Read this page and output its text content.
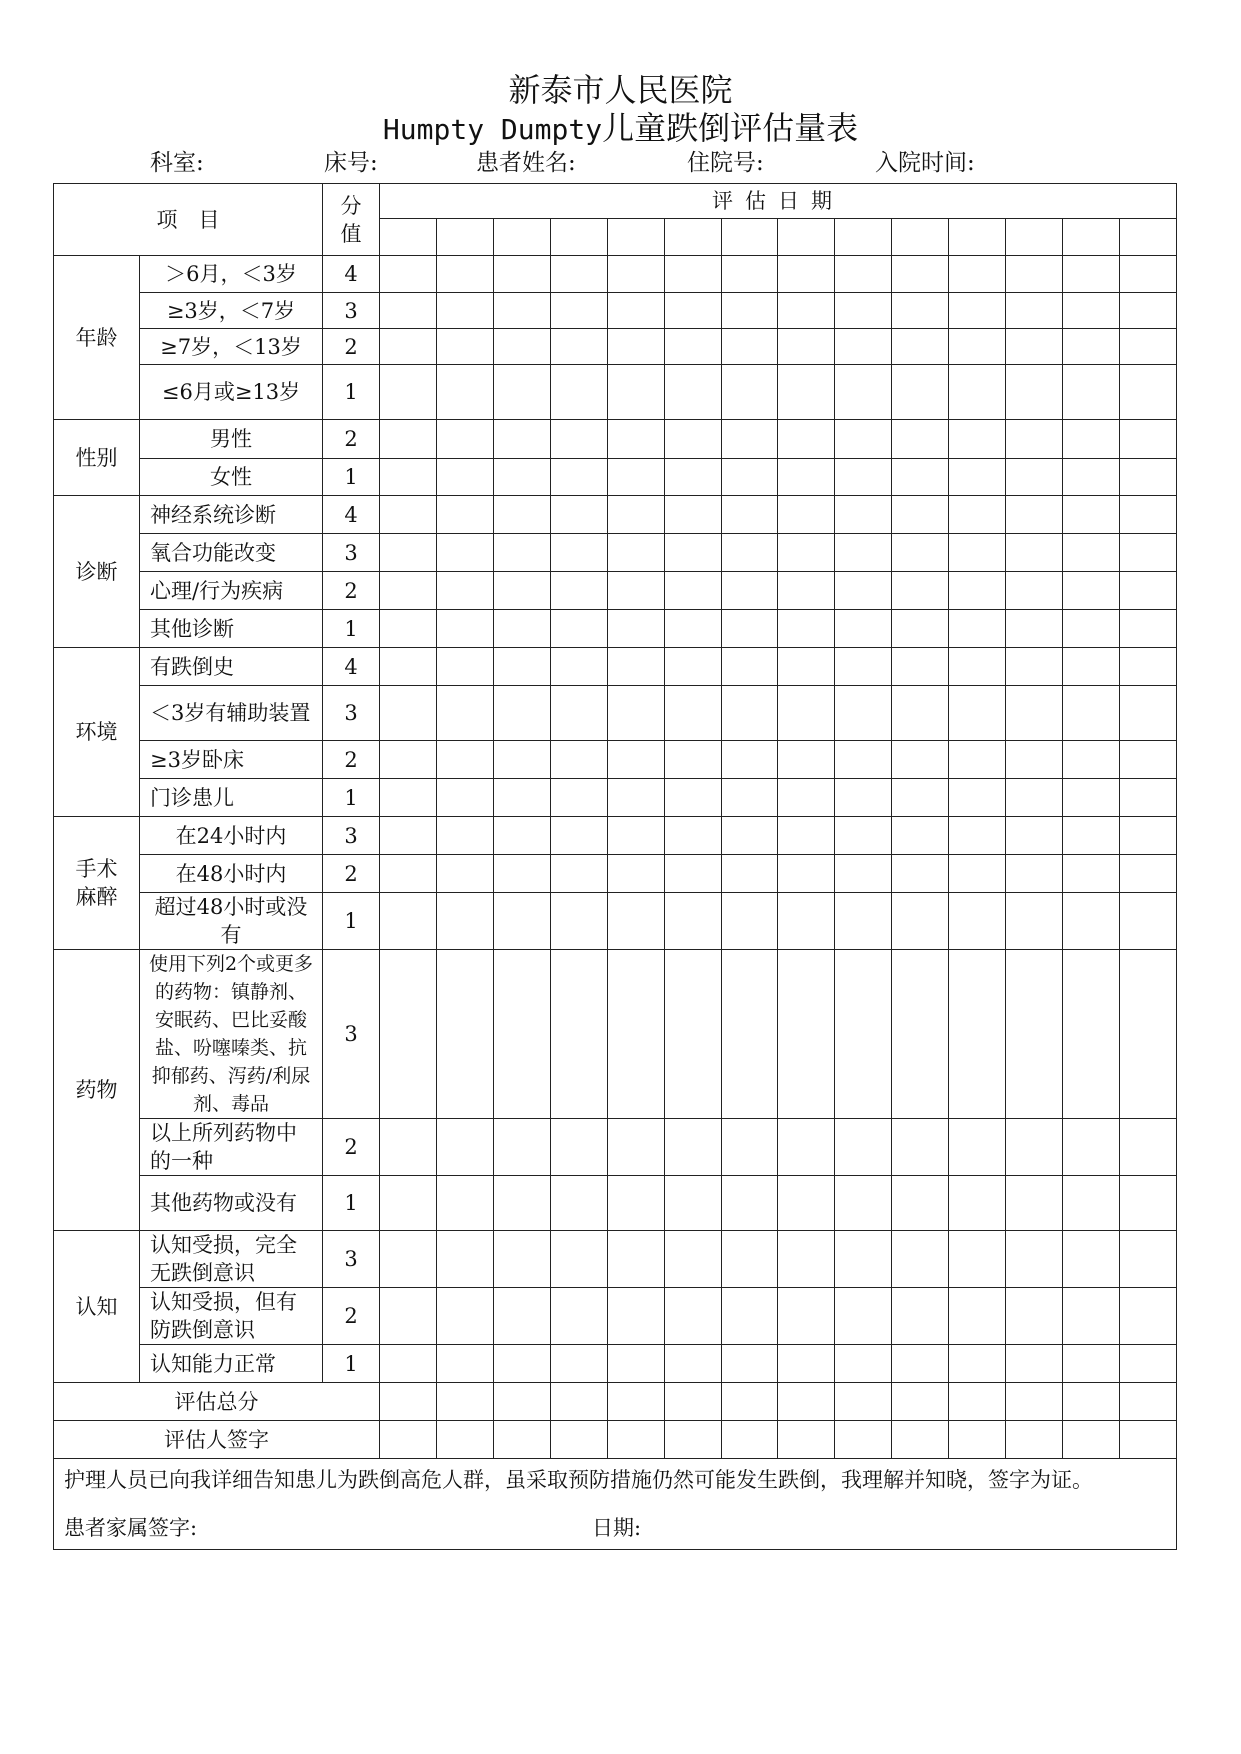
新泰市人民医院
Humpty Dumpty儿童跌倒评估量表
科室:	床号:	患者姓名:	住院号:	入院时间:
项　目		分值	评估日期													

年龄	＞6月，＜3岁	4														
	≥3岁，＜7岁	3														
	≥7岁，＜13岁	2														
	≤6月或≥13岁	1														
性别	男性	2														
	女性	1														
诊断	神经系统诊断	4														
	氧合功能改变	3														
	心理/行为疾病	2														
	其他诊断	1														
环境	有跌倒史	4														
	＜3岁有辅助装置	3														
	≥3岁卧床	2														
	门诊患儿	1														
手术麻醉	在24小时内	3														
	在48小时内	2														
	超过48小时或没有	1														
药物	使用下列2个或更多的药物：镇静剂、安眠药、巴比妥酸盐、吩噻嗪类、抗抑郁药、泻药/利尿剂、毒品	3														
	以上所列药物中的一种	2														
	其他药物或没有	1														
认知	认知受损，完全无跌倒意识	3														
	认知受损，但有防跌倒意识	2														
	认知能力正常	1														
评估总分																
评估人签字																

护理人员已向我详细告知患儿为跌倒高危人群，虽采取预防措施仍然可能发生跌倒，我理解并知晓，签字为证。
患者家属签字: 日期:																
